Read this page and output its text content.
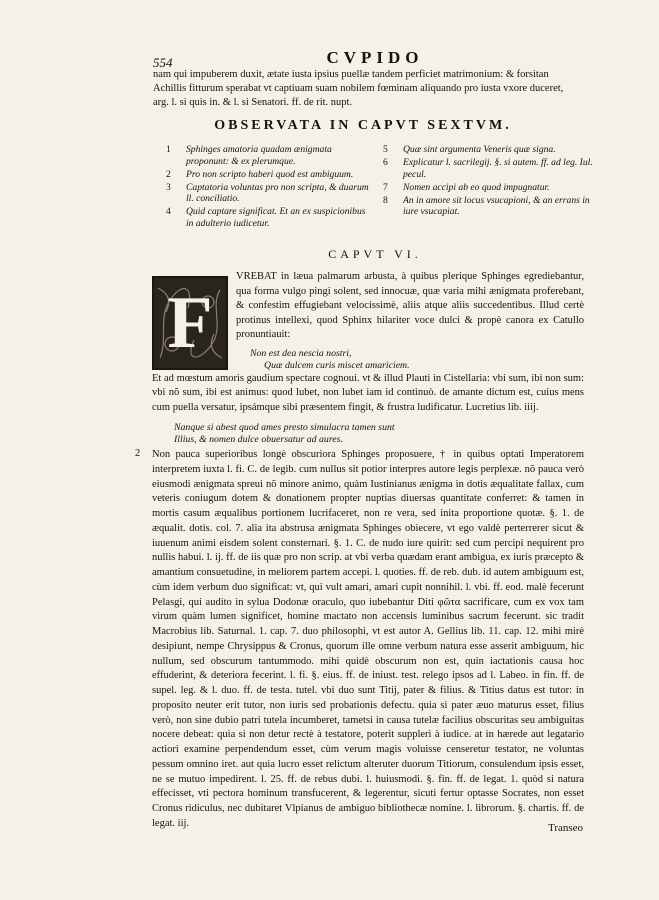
554	CVPIDO
nam qui impuberem duxit, ætate iusta ipsius puellæ tandem perficiet matrimonium: & forsitan Achillis fitturum sperabat vt captiuam suam nobilem fœminam aliquando pro iusta vxore duceret, arg. l. si quis in. & l. si Senatori. ff. de rit. nupt.
OBSERVATA IN CAPVT SEXTVM.
1 Sphinges amatoria quadam ænigmata proponunt: & ex plerumque.
2 Pro non scripto haberi quod est ambiguum.
3 Captatoria voluntas pro non scripta, & duarum ll. conciliatio.
4 Quid captare significat. Et an ex suspicionibus in adulterio iudicetur.
5 Quæ sint argumenta Veneris quæ signa.
6 Explicatur l. sacrilegij. §. si autem. ff. ad leg. Iul. pecul.
7 Nomen accipi ab eo quod impugnatur.
8 An in amore sit locus vsucapioni, & an errans in iure vsucapiat.
CAPVT VI.
F
VREBAT in læua palmarum arbusta, à quibus plerique Sphinges egrediebantur, qua forma vulgo pingi solent, sed innocuæ, quæ varia mihi ænigmata proferebant, & confestim effugiebant velocissimè, aliis atque aliis succedentibus. Illud certè protinus intellexi, quod Sphinx hilariter voce dulci & propè canora ex Catullo pronuntiauit:
Non est dea nescia nostri,
Quæ dulcem curis miscet amariciem.
Et ad mœstum amoris gaudium spectare cognoui. vt & illud Plauti in Cistellaria: vbi sum, ibi non sum: vbi nõ sum, ibi est animus: quod lubet, non lubet iam id continuò. de amante dictum est, cuius mens cum puella versatur, ipsámque sibi præsentem fingit, & frustra ludificatur. Lucretius lib. iiij.
Nanque si abest quod ames presto simulacra tamen sunt
Illius, & nomen dulce obuersatur ad aures.
2 Non pauca superioribus longè obscuriora Sphinges proposuere, † in quibus optati Imperatorem interpretem iuxta l. fi. C. de legib. cum nullus sit potior interpres autore legis perplexæ. nõ pauca verò eiusmodi ænigmata spreui nõ minore animo, quàm Iustinianus ænigma in dotis æqualitate fallax, cum veteris coniugum dotem & donationem propter nuptias diuersas quantitate conferret: & tamen in mortis casum æqualibus portionem lucrifaceret, non re vera, sed inita proportione quotæ. §. 1. de æqualit. dotis. col. 7. alia ita abstrusa ænigmata Sphinges obiecere, vt ego valdè perterrerer sicut & iuuenum animi eisdem solent consternari. §. 1. C. de nudo iure quirit: sed cum percipi nequirent pro nullis habui. l. ij. ff. de iis quæ pro non scrip. at vbi verba quædam erant ambigua, ex iuris præcepto & amantium consuetudine, in meliorem partem accepi. l. quoties. ff. de reb. dub. id autem ambiguum est, cùm idem verbum duo significat: vt, qui vult amari, amari cupit nonnihil. l. vbi. ff. eod. malè fecerunt Pelasgi, qui audito in sylua Dodonæ oraculo, quo iubebantur Diti φῶτα sacrificare, cum ex vox tam virum quàm lumen significet, homine mactato non accensis luminibus sacrum fecerunt. sic tradit Macrobius lib. Saturnal. 1. cap. 7. duo philosophi, vt est autor A. Gellius lib. 11. cap. 12. mihi mirè desipiunt, nempe Chrysippus & Cronus, quorum ille omne verbum natura esse asserit ambiguum, hic nullum, sed obscurum tantummodo. mihi quidè obscurum non est, quin iactationis causa hoc effuderint, & deteriora fecerint. l. fi. §. eius. ff. de iniust. test. relego ipsos ad l. Labeo. in fin. ff. de supel. leg. & l. duo. ff. de testa. tutel. vbi duo sunt Titij, pater & filius. & Titius datus est tutor: in proposito neuter erit tutor, non iuris sed probationis defectu. quia si pater æuo maturus esset, filius verò, non sine dubio patri tutela incumberet, tametsi in causa tutelæ facilius obscuritas seu ambiguitas nocere debeat: quia si non detur rectè à testatore, poterit suppleri à iudice. at in hærede aut legatario actiori examine perpendendum esset, cùm verum magis voluisse censeretur testator, ne voluntas pessum omnino iret. aut quia lucro esset relictum alteruter duorum Titiorum, consulendum ipsis esset, ne se mutuo impedirent. l. 25. ff. de rebus dubi. l. huiusmodi. §. fin. ff. de legat. 1. quòd si natura effecisset, vti pectora hominum transfucerent, & legerentur, sicuti fertur optasse Socrates, non esset Cronus ridiculus, nec dubitaret Vlpianus de ambiguo bibliothecæ nomine. l. librorum. §. chartis. ff. de legat. iij.	Transeo
